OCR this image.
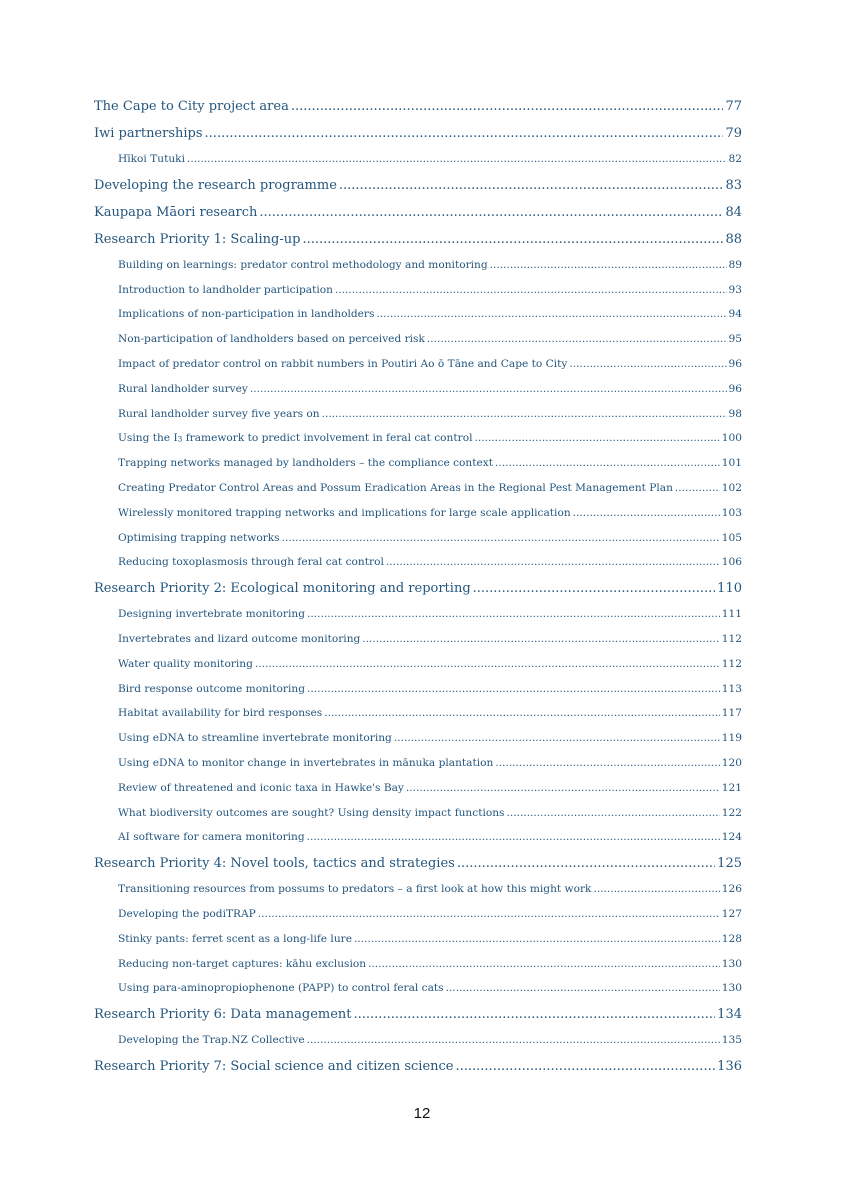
The Cape to City project area .....	77
Iwi partnerships .....	79
Hīkoi Tutuki .....	82
Developing the research programme .....	83
Kaupapa Māori research .....	84
Research Priority 1: Scaling-up .....	88
Building on learnings: predator control methodology and monitoring .....	89
Introduction to landholder participation .....	93
Implications of non-participation in landholders .....	94
Non-participation of landholders based on perceived risk .....	95
Impact of predator control on rabbit numbers in Poutiri Ao ō Tāne and Cape to City .....	96
Rural landholder survey .....	96
Rural landholder survey five years on .....	98
Using the $I_3$ framework to predict involvement in feral cat control .....	100
Trapping networks managed by landholders – the compliance context .....	101
Creating Predator Control Areas and Possum Eradication Areas in the Regional Pest Management Plan .....	102
Wirelessly monitored trapping networks and implications for large scale application .....	103
Optimising trapping networks .....	105
Reducing toxoplasmosis through feral cat control .....	106
Research Priority 2: Ecological monitoring and reporting .....	110
Designing invertebrate monitoring .....	111
Invertebrates and lizard outcome monitoring .....	112
Water quality monitoring .....	112
Bird response outcome monitoring .....	113
Habitat availability for bird responses .....	117
Using eDNA to streamline invertebrate monitoring .....	119
Using eDNA to monitor change in invertebrates in mānuka plantation .....	120
Review of threatened and iconic taxa in Hawke's Bay .....	121
What biodiversity outcomes are sought? Using density impact functions .....	122
AI software for camera monitoring .....	124
Research Priority 4: Novel tools, tactics and strategies .....	125
Transitioning resources from possums to predators – a first look at how this might work .....	126
Developing the podiTRAP .....	127
Stinky pants: ferret scent as a long-life lure .....	128
Reducing non-target captures: kāhu exclusion .....	130
Using para-aminopropiophenone (PAPP) to control feral cats .....	130
Research Priority 6: Data management .....	134
Developing the Trap.NZ Collective .....	135
Research Priority 7: Social science and citizen science .....	136
12
